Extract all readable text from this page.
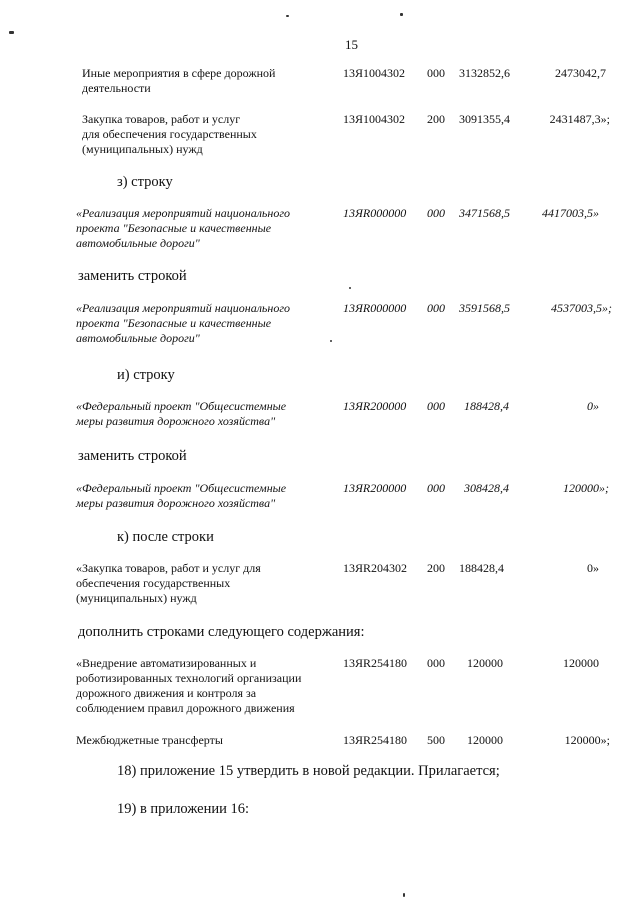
15
Иные мероприятия в сфере дорожной
деятельности
13Я1004302 000 3132852,6	2473042,7
Закупка товаров, работ и услуг
для обеспечения государственных
(муниципальных) нужд
13Я1004302 200 3091355,4	2431487,3»;
з) строку
«Реализация мероприятий национального
проекта "Безопасные и качественные
автомобильные дороги"
13ЯR000000 000 3471568,5	4417003,5»
заменить строкой
«Реализация мероприятий национального
проекта "Безопасные и качественные
автомобильные дороги"
13ЯR000000 000 3591568,5	4537003,5»;
и) строку
«Федеральный проект "Общесистемные
меры развития дорожного хозяйства"
13ЯR200000 000 188428,4	0»
заменить строкой
«Федеральный проект "Общесистемные
меры развития дорожного хозяйства"
13ЯR200000 000 308428,4	120000»;
к) после строки
«Закупка товаров, работ и услуг для
обеспечения государственных
(муниципальных) нужд
13ЯR204302 200 188428,4	0»
дополнить строками следующего содержания:
«Внедрение автоматизированных и
роботизированных технологий организации
дорожного движения и контроля за
соблюдением правил дорожного движения
13ЯR254180 000 120000	120000
Межбюджетные трансферты	13ЯR254180 500 120000	120000»;
18) приложение 15 утвердить в новой редакции. Прилагается;
19) в приложении 16:
